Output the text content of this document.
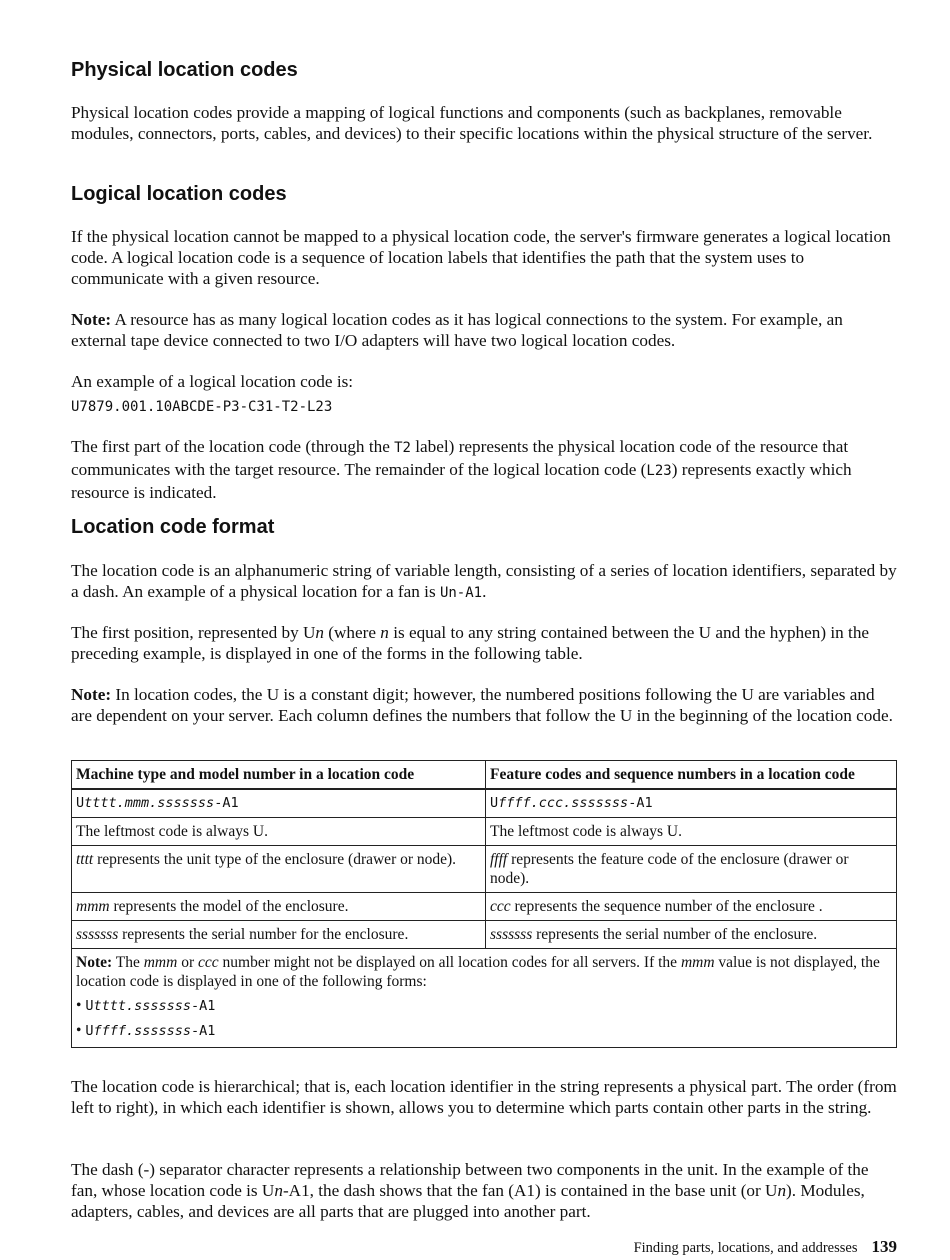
Physical location codes

Physical location codes provide a mapping of logical functions and components (such as backplanes, removable modules, connectors, ports, cables, and devices) to their specific locations within the physical structure of the server.

Logical location codes

If the physical location cannot be mapped to a physical location code, the server's firmware generates a logical location code. A logical location code is a sequence of location labels that identifies the path that the system uses to communicate with a given resource.

Note: A resource has as many logical location codes as it has logical connections to the system. For example, an external tape device connected to two I/O adapters will have two logical location codes.

An example of a logical location code is:

U7879.001.10ABCDE-P3-C31-T2-L23

The first part of the location code (through the T2 label) represents the physical location code of the resource that communicates with the target resource. The remainder of the logical location code (L23) represents exactly which resource is indicated.

Location code format

The location code is an alphanumeric string of variable length, consisting of a series of location identifiers, separated by a dash. An example of a physical location for a fan is Un-A1.

The first position, represented by Un (where n is equal to any string contained between the U and the hyphen) in the preceding example, is displayed in one of the forms in the following table.

Note: In location codes, the U is a constant digit; however, the numbered positions following the U are variables and are dependent on your server. Each column defines the numbers that follow the U in the beginning of the location code.

Machine type and model number in a location code	Feature codes and sequence numbers in a location code
Utttt.mmm.sssssss-A1	Uffff.ccc.sssssss-A1
The leftmost code is always U.	The leftmost code is always U.
tttt represents the unit type of the enclosure (drawer or node).	ffff represents the feature code of the enclosure (drawer or node).
mmm represents the model of the enclosure.	ccc represents the sequence number of the enclosure .
sssssss represents the serial number for the enclosure.	sssssss represents the serial number of the enclosure.
Note: The mmm or ccc number might not be displayed on all location codes for all servers. If the mmm value is not displayed, the location code is displayed in one of the following forms:
• Utttt.sssssss-A1
• Uffff.sssssss-A1	

The location code is hierarchical; that is, each location identifier in the string represents a physical part. The order (from left to right), in which each identifier is shown, allows you to determine which parts contain other parts in the string.

The dash (-) separator character represents a relationship between two components in the unit. In the example of the fan, whose location code is Un-A1, the dash shows that the fan (A1) is contained in the base unit (or Un). Modules, adapters, cables, and devices are all parts that are plugged into another part.

Finding parts, locations, and addresses 139
